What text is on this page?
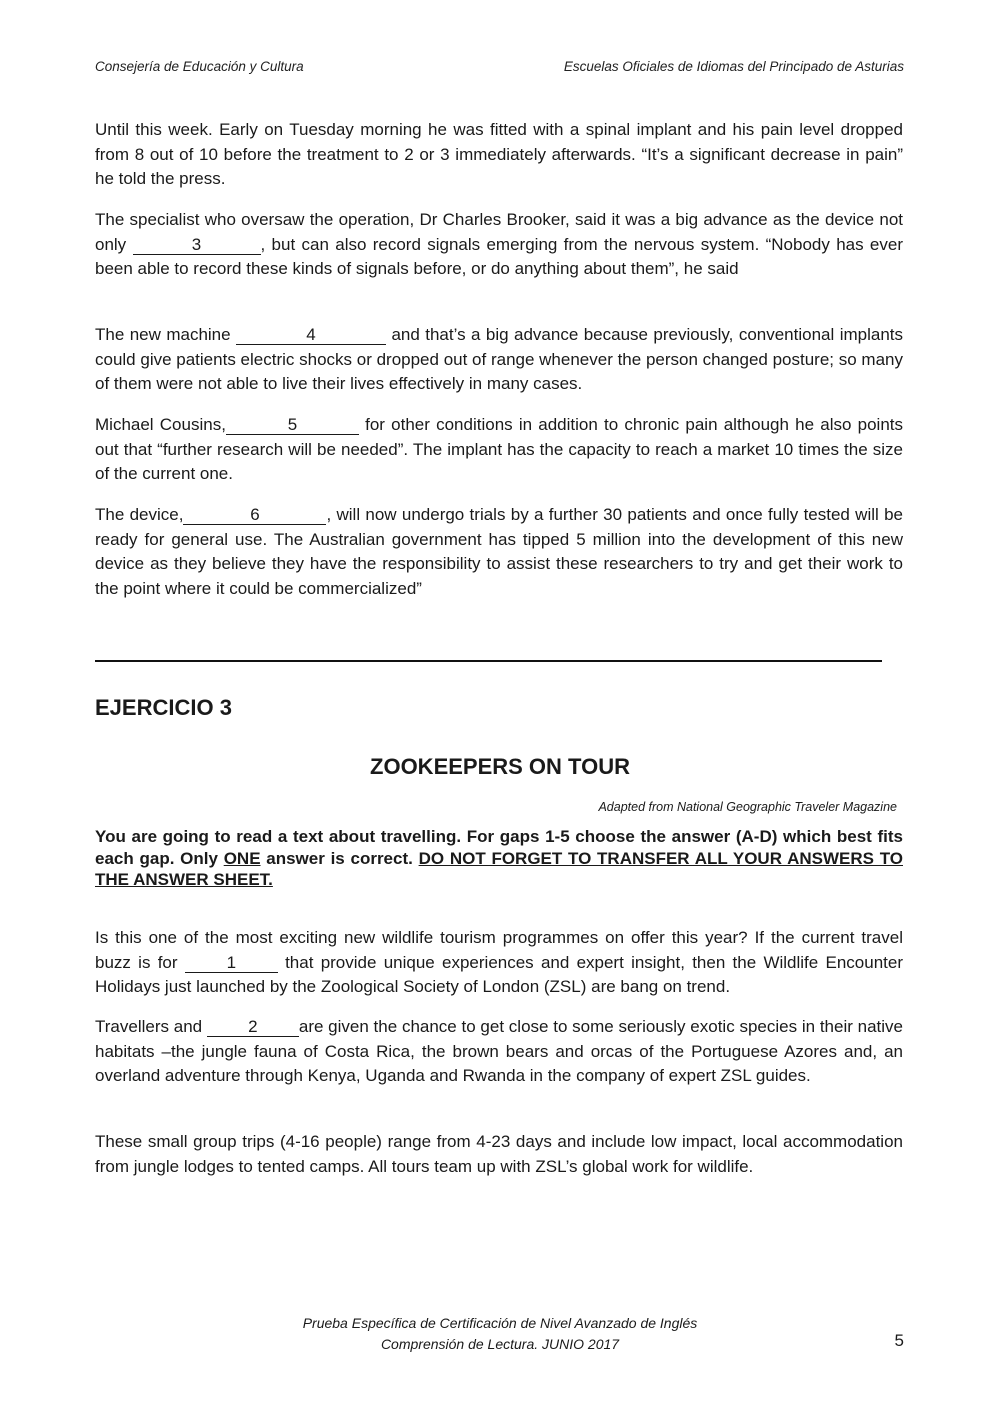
Consejería de Educación y Cultura	Escuelas Oficiales de Idiomas del Principado de Asturias

Until this week. Early on Tuesday morning he was fitted with a spinal implant and his pain level dropped from 8 out of 10 before the treatment to 2 or 3 immediately afterwards. “It’s a significant decrease in pain” he told the press.

The specialist who oversaw the operation, Dr Charles Brooker, said it was a big advance as the device not only	3	, but can also record signals emerging from the nervous system. “Nobody has ever been able to record these kinds of signals before, or do anything about them”, he said

The new machine	4	and that’s a big advance because previously, conventional implants could give patients electric shocks or dropped out of range whenever the person changed posture; so many of them were not able to live their lives effectively in many cases.

Michael Cousins,	5	for other conditions in addition to chronic pain although he also points out that “further research will be needed”. The implant has the capacity to reach a market 10 times the size of the current one.

The device,	6	, will now undergo trials by a further 30 patients and once fully tested will be ready for general use. The Australian government has tipped 5 million into the development of this new device as they believe they have the responsibility to assist these researchers to try and get their work to the point where it could be commercialized”

EJERCICIO 3
ZOOKEEPERS ON TOUR
Adapted from National Geographic Traveler Magazine

You are going to read a text about travelling. For gaps 1-5 choose the answer (A-D) which best fits each gap. Only ONE answer is correct. DO NOT FORGET TO TRANSFER ALL YOUR ANSWERS TO THE ANSWER SHEET.

Is this one of the most exciting new wildlife tourism programmes on offer this year? If the current travel buzz is for 1 that provide unique experiences and expert insight, then the Wildlife Encounter Holidays just launched by the Zoological Society of London (ZSL) are bang on trend.

Travellers and 2 are given the chance to get close to some seriously exotic species in their native habitats –the jungle fauna of Costa Rica, the brown bears and orcas of the Portuguese Azores and, an overland adventure through Kenya, Uganda and Rwanda in the company of expert ZSL guides.

These small group trips (4-16 people) range from 4-23 days and include low impact, local accommodation from jungle lodges to tented camps. All tours team up with ZSL’s global work for wildlife.

Prueba Específica de Certificación de Nivel Avanzado de Inglés
Comprensión de Lectura. JUNIO 2017	5
